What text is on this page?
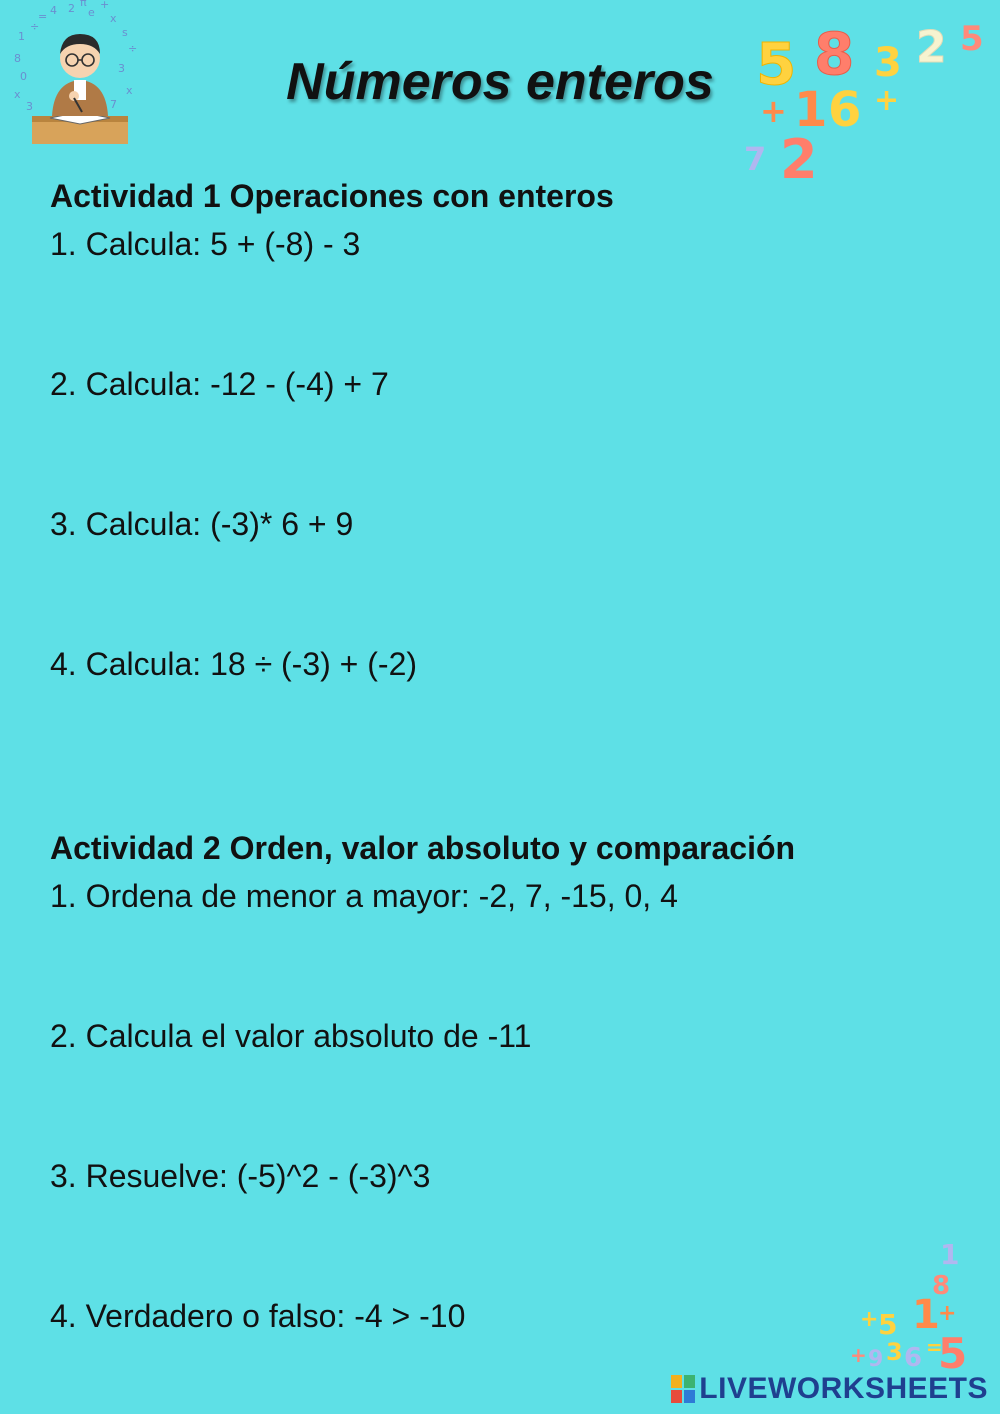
1
÷
4 2 e x
s
÷
8
0
x
3
3
x
7
=
+
π
5 8 3 2 5
+ 1 6 +
7 2
Números enteros
Actividad 1 Operaciones con enteros
1. Calcula: 5 + (-8) - 3
2. Calcula: -12 - (-4) + 7
3. Calcula: (-3)* 6 + 9
4. Calcula: 18 ÷ (-3) + (-2)
Actividad 2 Orden, valor absoluto y comparación
1. Ordena de menor a mayor: -2, 7, -15, 0, 4
2. Calcula el valor absoluto de -11
3. Resuelve: (-5)^2 - (-3)^3
4. Verdadero o falso: -4 > -10
1
8
+ 5 1
+
+ 9 3 6 =
5
LIVEWORKSHEETS
